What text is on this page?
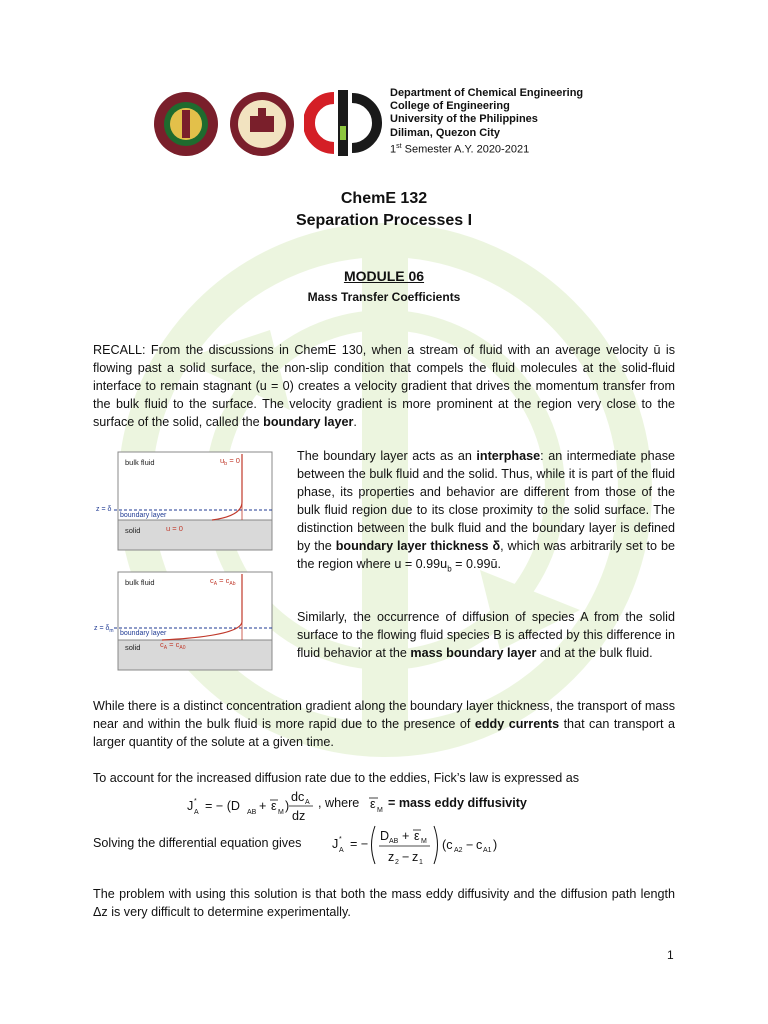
Department of Chemical Engineering
College of Engineering
University of the Philippines
Diliman, Quezon City
1st Semester A.Y. 2020-2021
ChemE 132
Separation Processes I
MODULE 06
Mass Transfer Coefficients
RECALL: From the discussions in ChemE 130, when a stream of fluid with an average velocity ū is flowing past a solid surface, the non-slip condition that compels the fluid molecules at the solid-fluid interface to remain stagnant (u = 0) creates a velocity gradient that drives the momentum transfer from the bulk fluid to the surface. The velocity gradient is more prominent at the region very close to the surface of the solid, called the boundary layer.
bulk fluid	$u_b = 0$
z = δ
boundary layer
solid	u = 0
bulk fluid	$c_A = c_{Ab}$
$z = \delta_m$ boundary layer
solid	$c_A = c_{A0}$
The boundary layer acts as an interphase: an intermediate phase between the bulk fluid and the solid. Thus, while it is part of the fluid phase, its properties and behavior are different from those of the bulk fluid region due to its close proximity to the solid surface. The distinction between the bulk fluid and the boundary layer is defined by the boundary layer thickness δ, which was arbitrarily set to be the region where $u = 0.99u_b$ = 0.99ū.
Similarly, the occurrence of diffusion of species A from the solid surface to the flowing fluid species B is affected by this difference in fluid behavior at the mass boundary layer and at the bulk fluid.
While there is a distinct concentration gradient along the boundary layer thickness, the transport of mass near and within the bulk fluid is more rapid due to the presence of eddy currents that can transport a larger quantity of the solute at a given time.
To account for the increased diffusion rate due to the eddies, Fick’s law is expressed as
J *
A = − (D AB + ε M )
dc A
dz
, where ε M
= mass eddy diffusivity
Solving the differential equation gives J *
A = −
D AB + ε M
z 2 − z 1
(c A2 − c A1 )
The problem with using this solution is that both the mass eddy diffusivity and the diffusion path length Δz is very difficult to determine experimentally.
1
